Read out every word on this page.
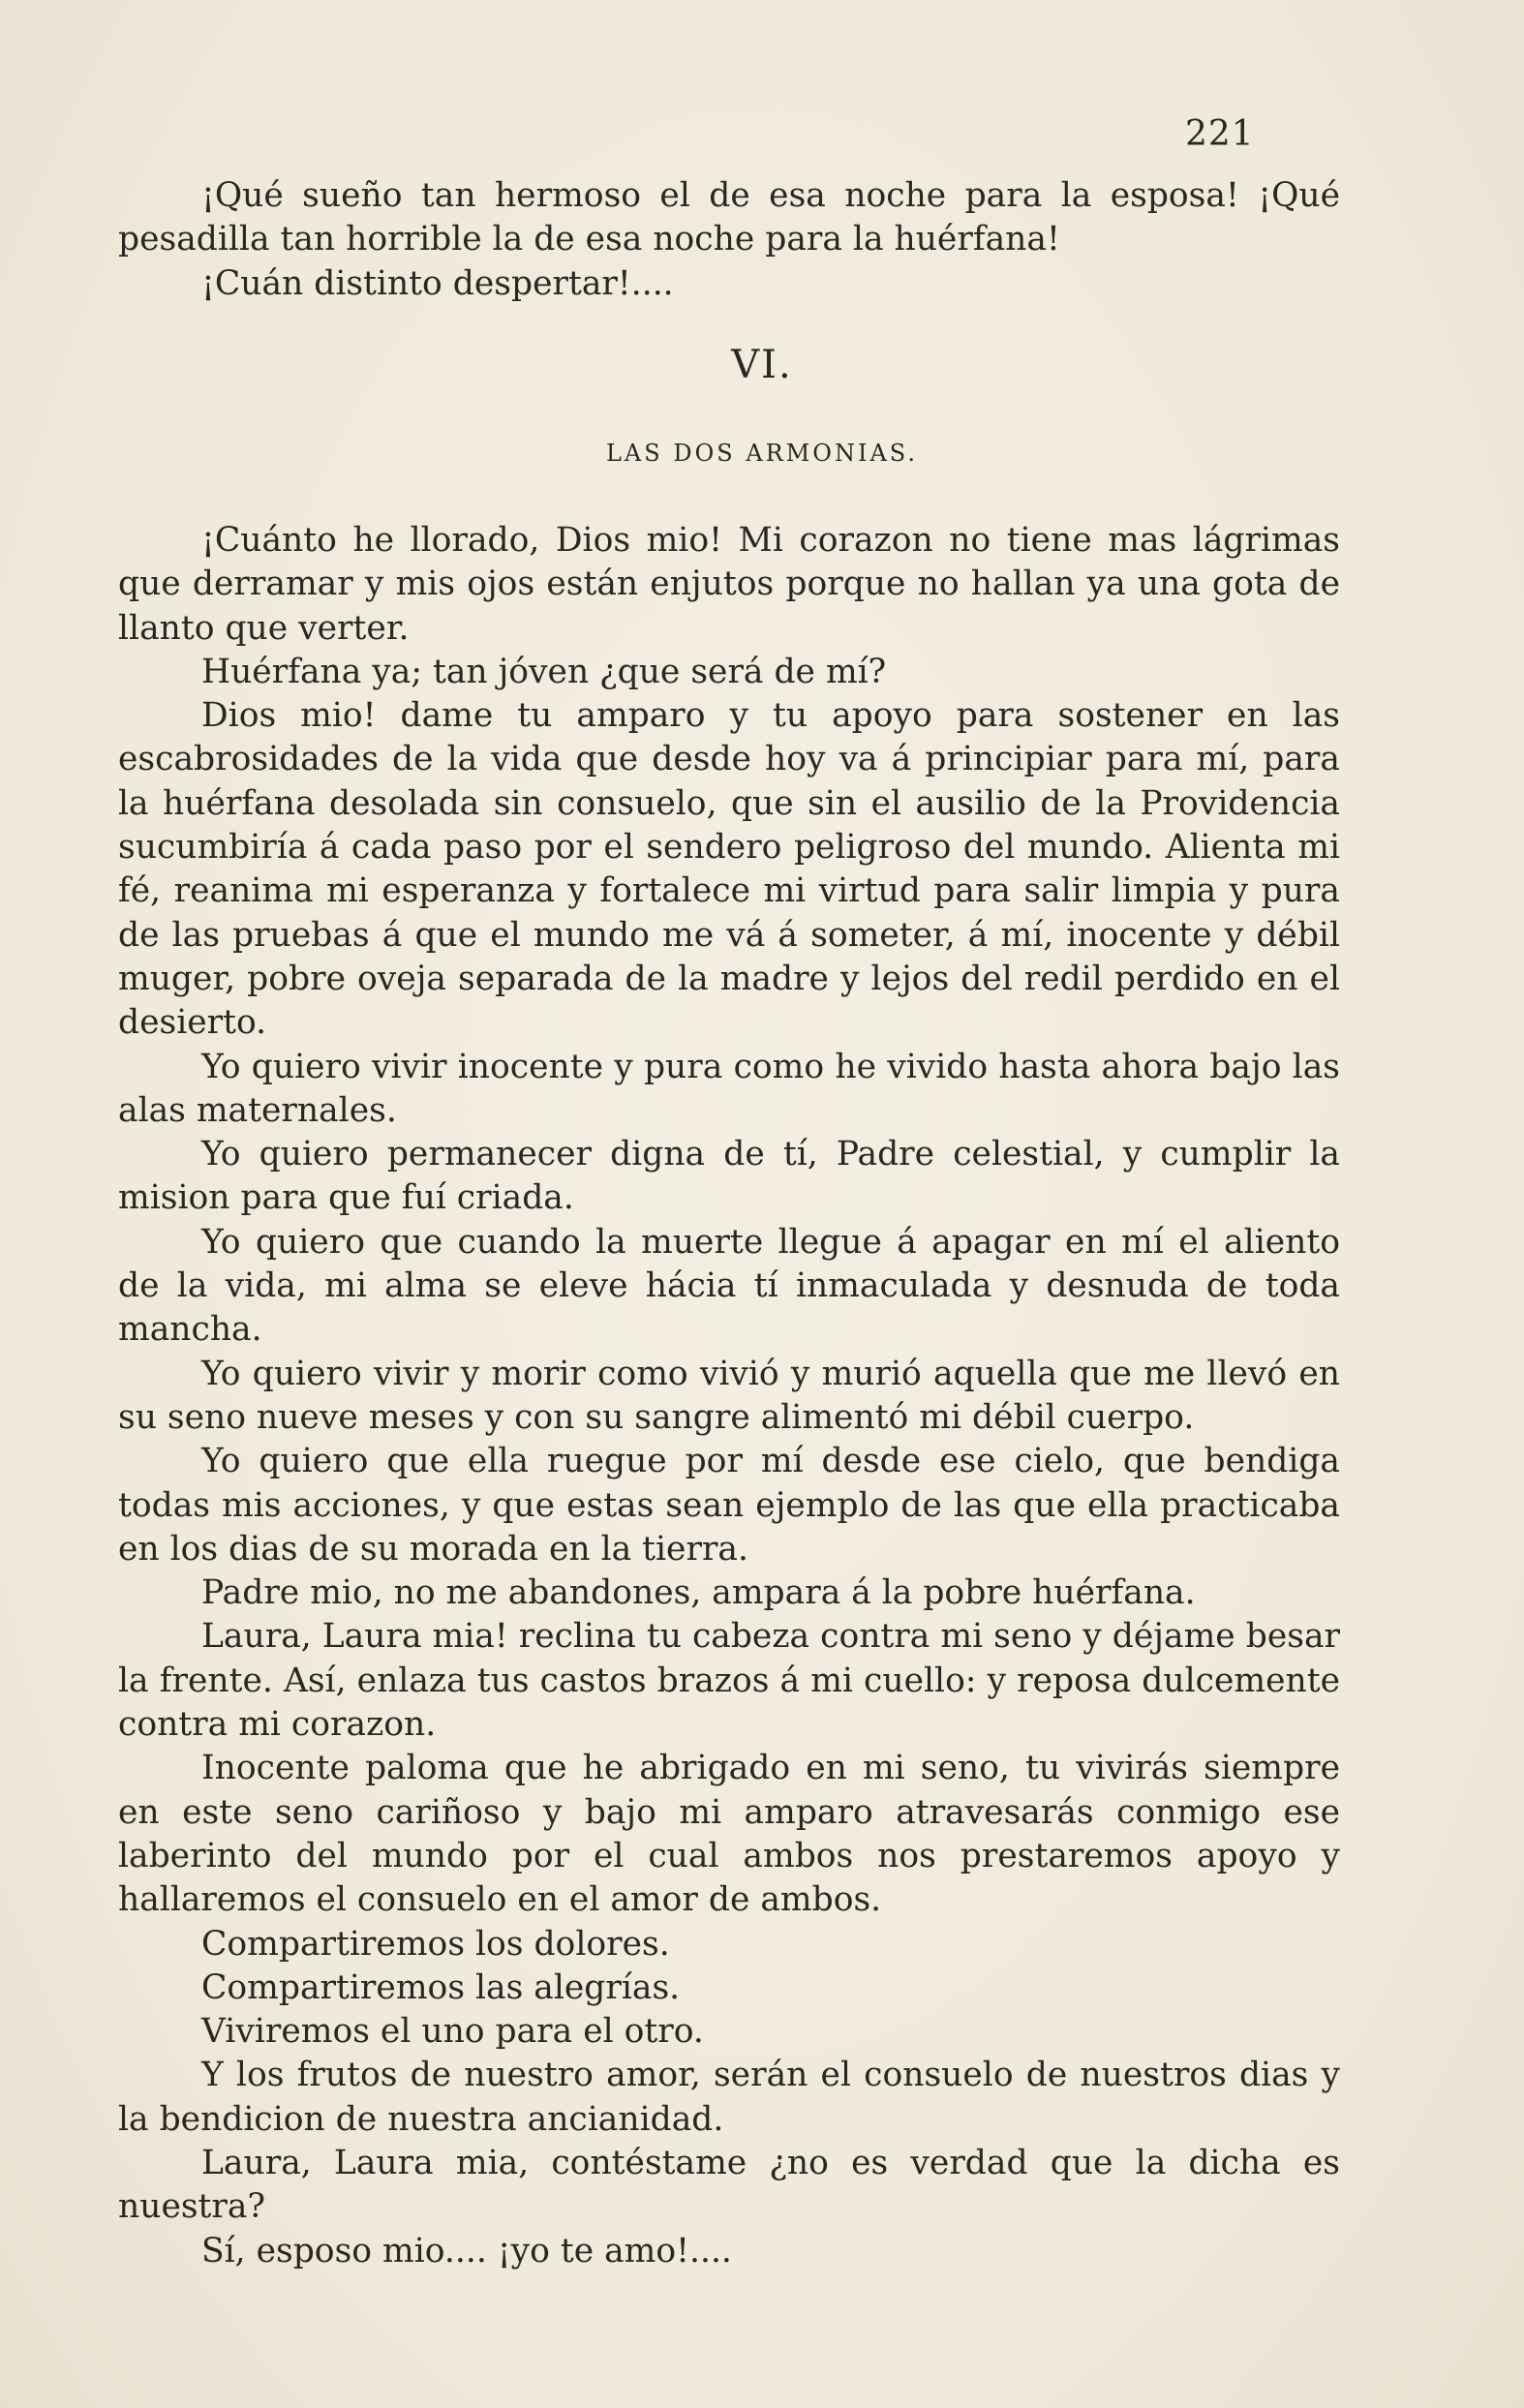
221

¡Qué sueño tan hermoso el de esa noche para la esposa! ¡Qué pesadilla tan horrible la de esa noche para la huérfana!

¡Cuán distinto despertar!....

VI.
LAS DOS ARMONIAS.

¡Cuánto he llorado, Dios mio! Mi corazon no tiene mas lágrimas que derramar y mis ojos están enjutos porque no hallan ya una gota de llanto que verter.

Huérfana ya; tan jóven ¿que será de mí?

Dios mio! dame tu amparo y tu apoyo para sostener en las escabrosidades de la vida que desde hoy va á principiar para mí, para la huérfana desolada sin consuelo, que sin el ausilio de la Providencia sucumbiría á cada paso por el sendero peligroso del mundo. Alienta mi fé, reanima mi esperanza y fortalece mi virtud para salir limpia y pura de las pruebas á que el mundo me vá á someter, á mí, inocente y débil muger, pobre oveja separada de la madre y lejos del redil perdido en el desierto.

Yo quiero vivir inocente y pura como he vivido hasta ahora bajo las alas maternales.

Yo quiero permanecer digna de tí, Padre celestial, y cumplir la mision para que fuí criada.

Yo quiero que cuando la muerte llegue á apagar en mí el aliento de la vida, mi alma se eleve hácia tí inmaculada y desnuda de toda mancha.

Yo quiero vivir y morir como vivió y murió aquella que me llevó en su seno nueve meses y con su sangre alimentó mi débil cuerpo.

Yo quiero que ella ruegue por mí desde ese cielo, que bendiga todas mis acciones, y que estas sean ejemplo de las que ella practicaba en los dias de su morada en la tierra.

Padre mio, no me abandones, ampara á la pobre huérfana.

Laura, Laura mia! reclina tu cabeza contra mi seno y déjame besar la frente. Así, enlaza tus castos brazos á mi cuello: y reposa dulcemente contra mi corazon.

Inocente paloma que he abrigado en mi seno, tu vivirás siempre en este seno cariñoso y bajo mi amparo atravesarás conmigo ese laberinto del mundo por el cual ambos nos prestaremos apoyo y hallaremos el consuelo en el amor de ambos.

Compartiremos los dolores.

Compartiremos las alegrías.

Viviremos el uno para el otro.

Y los frutos de nuestro amor, serán el consuelo de nuestros dias y la bendicion de nuestra ancianidad.

Laura, Laura mia, contéstame ¿no es verdad que la dicha es nuestra?

Sí, esposo mio.... ¡yo te amo!....
